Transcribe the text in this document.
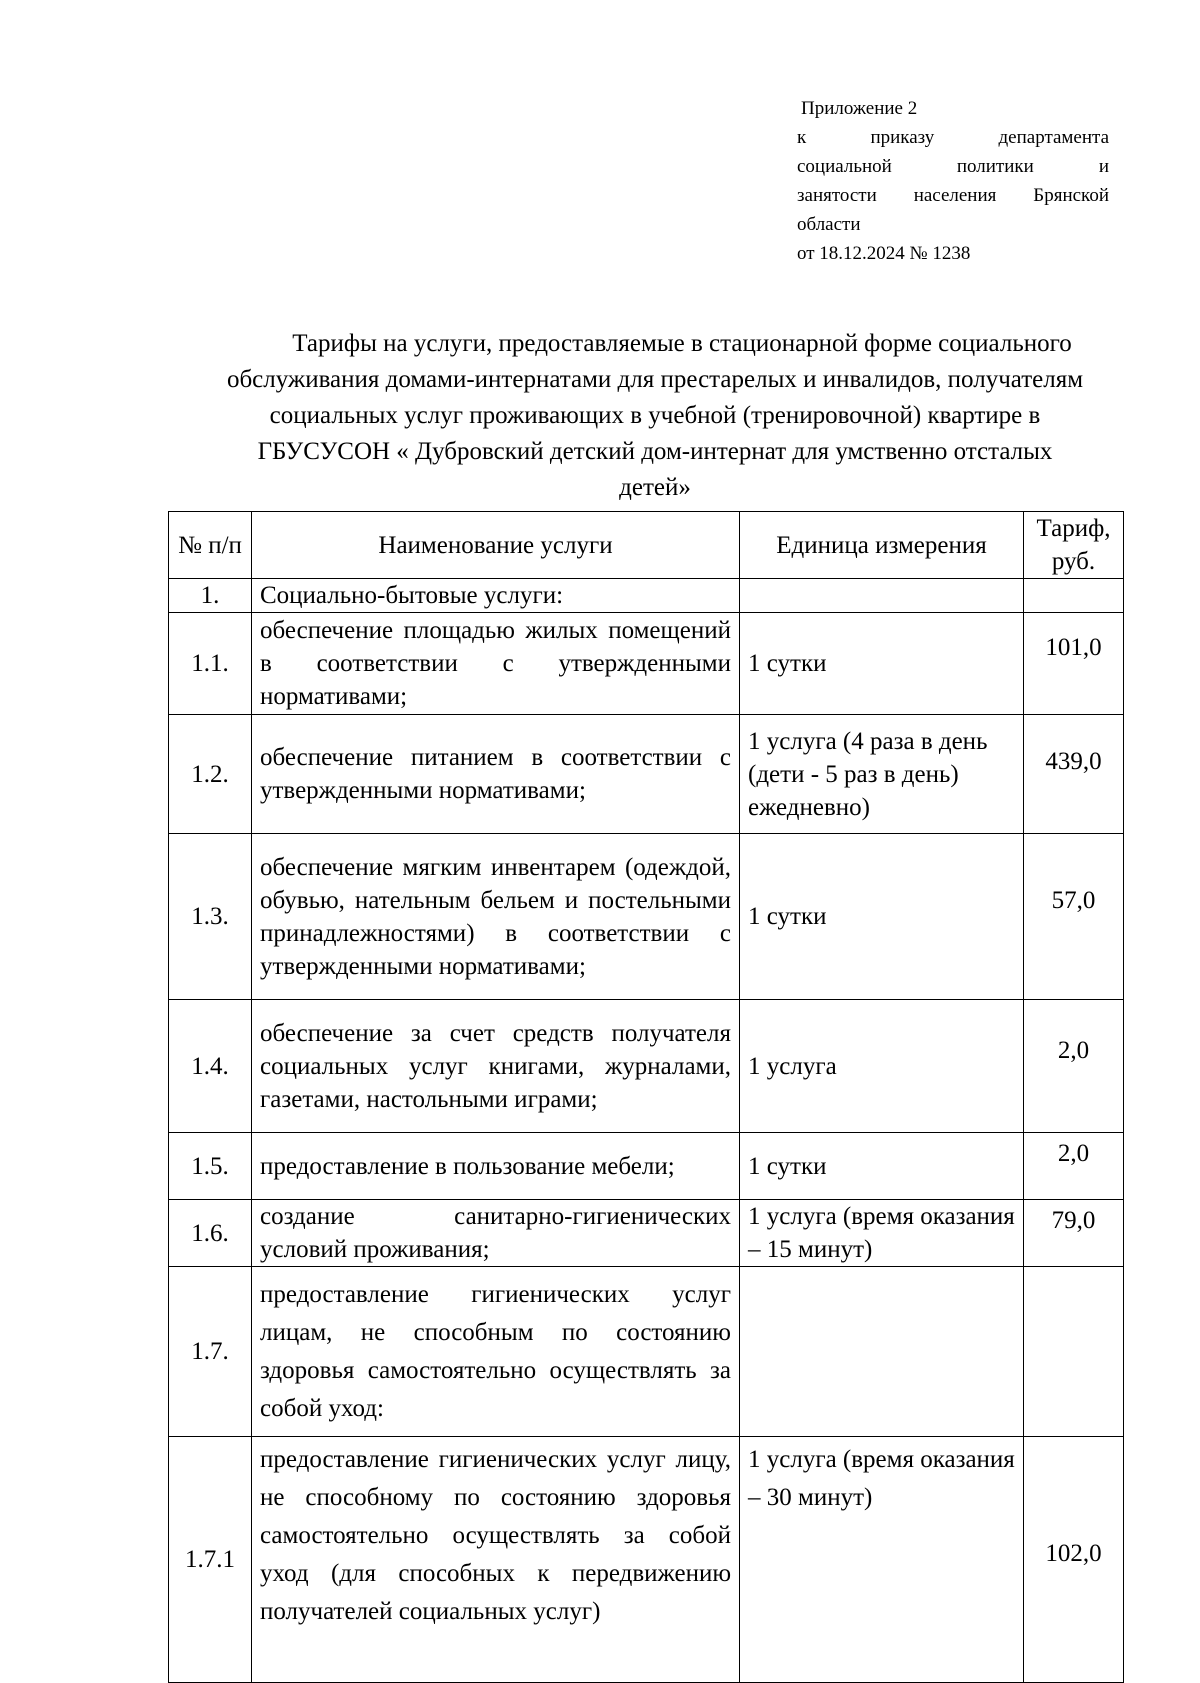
Приложение 2
к приказу департамента
социальной политики и
занятости населения Брянской
области
от 18.12.2024 № 1238
Тарифы на услуги, предоставляемые в стационарной форме социального
обслуживания домами-интернатами для престарелых и инвалидов, получателям
социальных услуг проживающих в учебной (тренировочной) квартире в
ГБУСУСОН « Дубровский детский дом-интернат для умственно отсталых
детей»
№ п/п	Наименование услуги	Единица измерения	Тариф, руб.
1.	Социально-бытовые услуги:		
1.1.	обеспечение площадью жилых помещений в соответствии с утвержденными нормативами;	1 сутки	101,0
1.2.	обеспечение питанием в соответствии с утвержденными нормативами;	1 услуга (4 раза в день (дети - 5 раз в день) ежедневно)	439,0
1.3.	обеспечение мягким инвентарем (одеждой, обувью, нательным бельем и постельными принадлежностями) в соответствии с утвержденными нормативами;	1 сутки	57,0
1.4.	обеспечение за счет средств получателя социальных услуг книгами, журналами, газетами, настольными играми;	1 услуга	2,0
1.5.	предоставление в пользование мебели;	1 сутки	2,0
1.6.	создание санитарно-гигиенических условий проживания;	1 услуга (время оказания – 15 минут)	79,0
1.7.	предоставление гигиенических услуг лицам, не способным по состоянию здоровья самостоятельно осуществлять за собой уход:		
1.7.1	предоставление гигиенических услуг лицу, не способному по состоянию здоровья самостоятельно осуществлять за собой уход (для способных к передвижению получателей социальных услуг)	1 услуга (время оказания – 30 минут)	102,0
